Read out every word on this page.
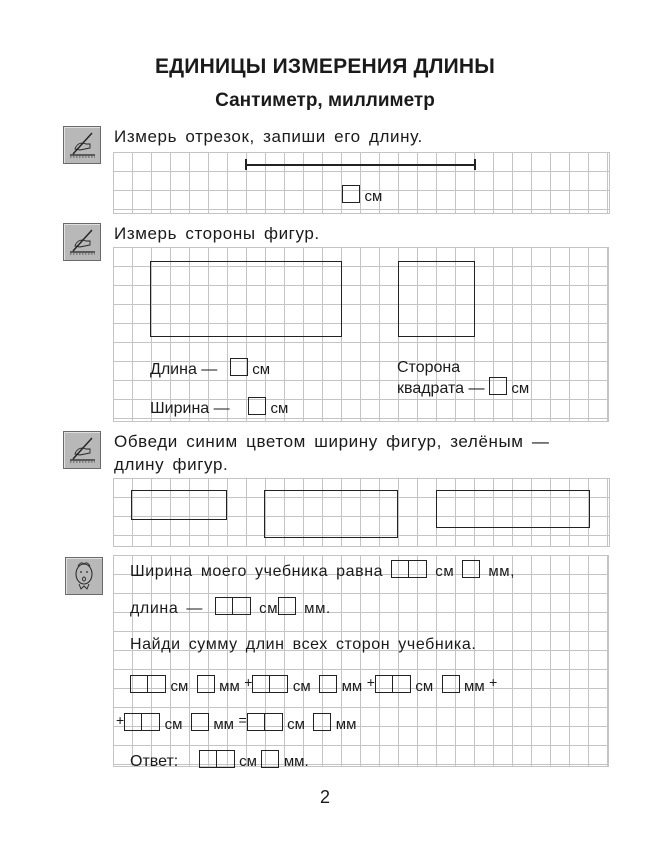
ЕДИНИЦЫ ИЗМЕРЕНИЯ ДЛИНЫ
Сантиметр, миллиметр
Измерь отрезок, запиши его длину.
см
Измерь стороны фигур.
Длина — см
Ширина —	см
Сторона
квадрата — см
Обведи синим цветом ширину фигур, зелёным —
длину фигур.
Ширина моего учебника равна	см мм,
длина —	см мм.
Найди сумму длин всех сторон учебника.
см мм +	см мм +	см мм +
+	см мм =	см мм
Ответ:	см мм.
2
